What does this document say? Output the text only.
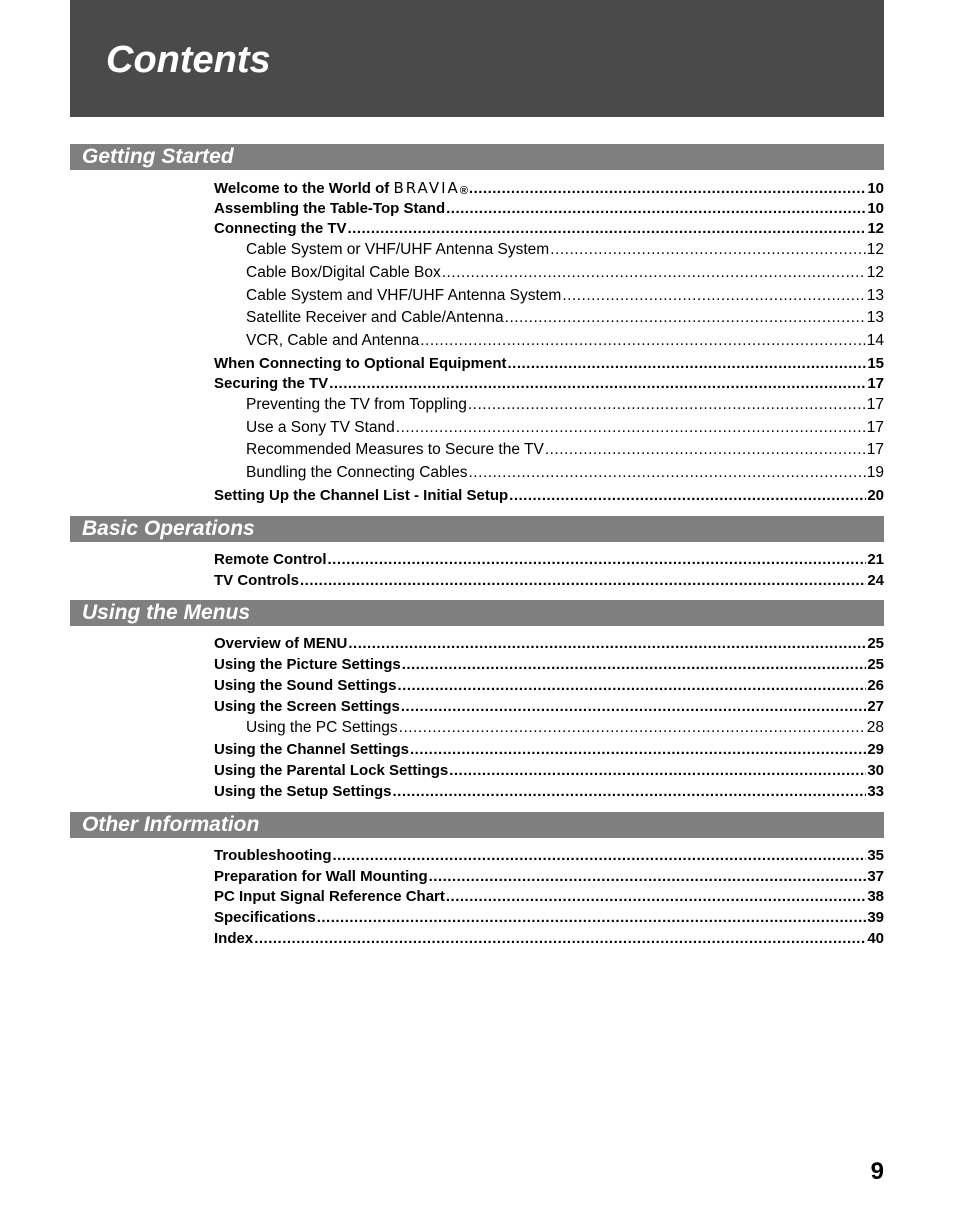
Contents
Getting Started
Welcome to the World of BRAVIA® .....	10
Assembling the Table-Top Stand .....	10
Connecting the TV .....	12
Cable System or VHF/UHF Antenna System .....	12
Cable Box/Digital Cable Box .....	12
Cable System and VHF/UHF Antenna System .....	13
Satellite Receiver and Cable/Antenna .....	13
VCR, Cable and Antenna .....	14
When Connecting to Optional Equipment .....	15
Securing the TV .....	17
Preventing the TV from Toppling .....	17
Use a Sony TV Stand .....	17
Recommended Measures to Secure the TV .....	17
Bundling the Connecting Cables .....	19
Setting Up the Channel List - Initial Setup .....	20
Basic Operations
Remote Control .....	21
TV Controls .....	24
Using the Menus
Overview of MENU .....	25
Using the Picture Settings .....	25
Using the Sound Settings .....	26
Using the Screen Settings .....	27
Using the PC Settings .....	28
Using the Channel Settings .....	29
Using the Parental Lock Settings .....	30
Using the Setup Settings .....	33
Other Information
Troubleshooting .....	35
Preparation for Wall Mounting .....	37
PC Input Signal Reference Chart .....	38
Specifications .....	39
Index .....	40
9
